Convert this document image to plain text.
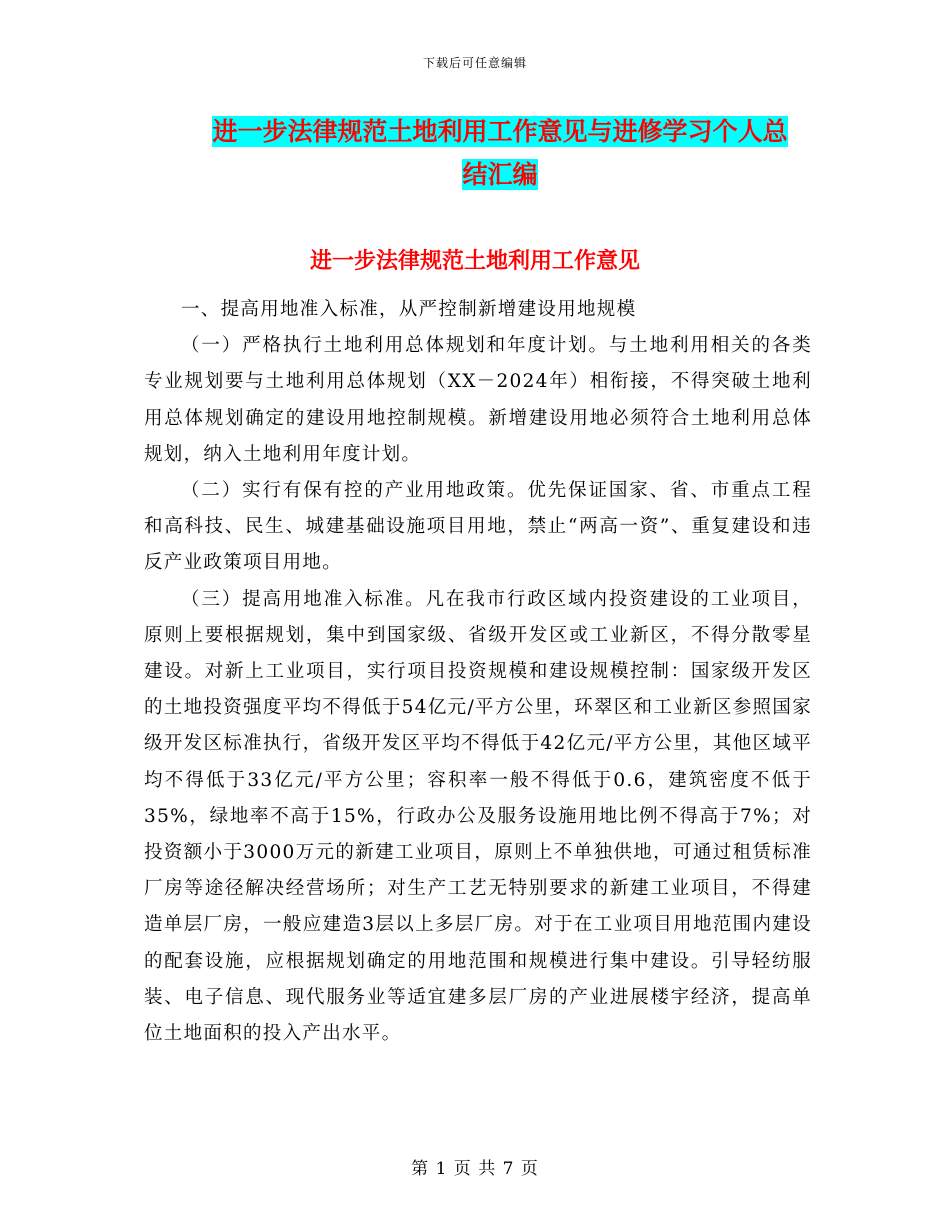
下载后可任意编辑
进一步法律规范土地利用工作意见与进修学习个人总
结汇编
进一步法律规范土地利用工作意见

一、提高用地准入标准，从严控制新增建设用地规模

（一）严格执行土地利用总体规划和年度计划。与土地利用相关的各类专业规划要与土地利用总体规划（XX－2024年）相衔接，不得突破土地利用总体规划确定的建设用地控制规模。新增建设用地必须符合土地利用总体规划，纳入土地利用年度计划。

（二）实行有保有控的产业用地政策。优先保证国家、省、市重点工程和高科技、民生、城建基础设施项目用地，禁止“两高一资”、重复建设和违反产业政策项目用地。

（三）提高用地准入标准。凡在我市行政区域内投资建设的工业项目，原则上要根据规划，集中到国家级、省级开发区或工业新区，不得分散零星建设。对新上工业项目，实行项目投资规模和建设规模控制：国家级开发区的土地投资强度平均不得低于54亿元/平方公里，环翠区和工业新区参照国家级开发区标准执行，省级开发区平均不得低于42亿元/平方公里，其他区域平均不得低于33亿元/平方公里；容积率一般不得低于0.6，建筑密度不低于35%，绿地率不高于15%，行政办公及服务设施用地比例不得高于7%；对投资额小于3000万元的新建工业项目，原则上不单独供地，可通过租赁标准厂房等途径解决经营场所；对生产工艺无特别要求的新建工业项目，不得建造单层厂房，一般应建造3层以上多层厂房。对于在工业项目用地范围内建设的配套设施，应根据规划确定的用地范围和规模进行集中建设。引导轻纺服装、电子信息、现代服务业等适宜建多层厂房的产业进展楼宇经济，提高单位土地面积的投入产出水平。

第 1 页 共 7 页
